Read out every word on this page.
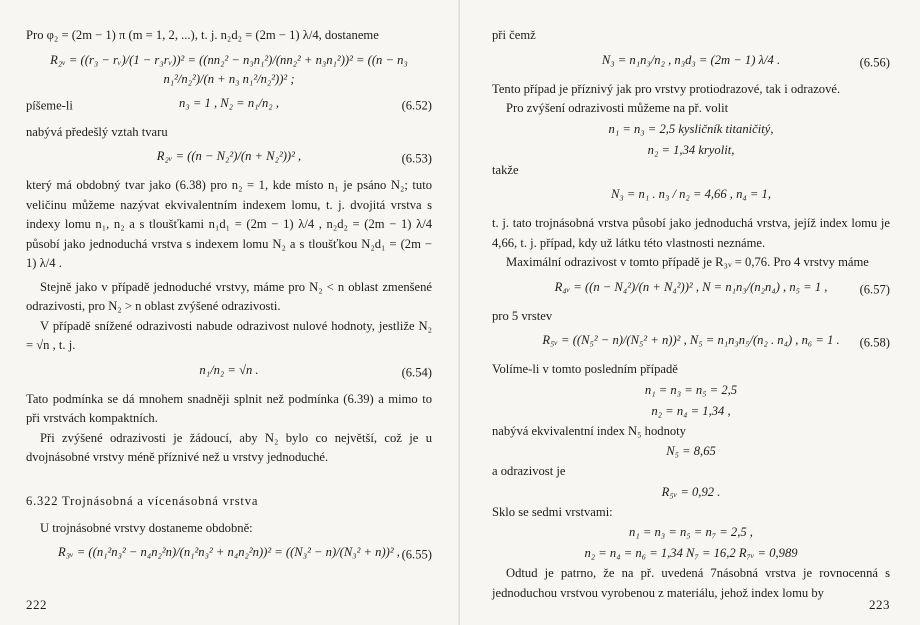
Pro φ₂ = (2m − 1) π (m = 1, 2, ...), t. j. n₂d₂ = (2m − 1) λ/4, dostaneme

R₂ᵥ = ((r₃ − rᵥ)/(1 − r₃rᵥ))² = ((nn₂² − n₃n₁²)/(nn₂² + n₃n₁²))² = ((n − n₃ n₁²/n₂²)/(n + n₃ n₁²/n₂²))² ;
píšeme-li	n₃ = 1 , N₂ = n₁/n₂ ,	(6.52)

nabývá předešlý vztah tvaru

R₂ᵥ = ((n − N₂²)/(n + N₂²))² ,	(6.53)

který má obdobný tvar jako (6.38) pro n₂ = 1, kde místo n₁ je psáno N₂; tuto veličinu můžeme nazývat ekvivalentním indexem lomu, t. j. dvojitá vrstva s indexy lomu n₁, n₂ a s tloušťkami n₁d₁ = (2m − 1) λ/4 , n₂d₂ = (2m − 1) λ/4 působí jako jednoduchá vrstva s indexem lomu N₂ a s tloušťkou N₂d₁ = (2m − 1) λ/4 .

Stejně jako v případě jednoduché vrstvy, máme pro N₂ < n oblast zmenšené odrazivosti, pro N₂ > n oblast zvýšené odrazivosti.

V případě snížené odrazivosti nabude odrazivost nulové hodnoty, jestliže N₂ = √n , t. j.

n₁/n₂ = √n .	(6.54)

Tato podmínka se dá mnohem snadněji splnit než podmínka (6.39) a mimo to při vrstvách kompaktních.

Při zvýšené odrazivosti je žádoucí, aby N₂ bylo co největší, což je u dvojnásobné vrstvy méně příznivé než u vrstvy jednoduché.

6.322 Trojnásobná a vícenásobná vrstva

U trojnásobné vrstvy dostaneme obdobně:

R₃ᵥ = ((n₁²n₃² − n₄n₂²n)/(n₁²n₃² + n₄n₂²n))² = ((N₃² − n)/(N₃² + n))² , (6.55)
222

při čemž

N₃ = n₁n₃/n₂ , n₃d₃ = (2m − 1) λ/4 .	(6.56)

Tento případ je příznivý jak pro vrstvy protiodrazové, tak i odrazové.

Pro zvýšení odrazivosti můžeme na př. volit

n₁ = n₃ = 2,5 kysličník titaničitý,
n₂ = 1,34 kryolit,

takže

N₃ = n₁ . n₃ / n₂ = 4,66 , n₄ = 1,

t. j. tato trojnásobná vrstva působí jako jednoduchá vrstva, jejíž index lomu je 4,66, t. j. případ, kdy už látku této vlastnosti neznáme.

Maximální odrazivost v tomto případě je R₃ᵥ = 0,76. Pro 4 vrstvy máme

R₄ᵥ = ((n − N₄²)/(n + N₄²))² , N = n₁n₃/(n₂n₄) , n₅ = 1 ,	(6.57)

pro 5 vrstev

R₅ᵥ = ((N₅² − n)/(N₅² + n))² , N₅ = n₁n₃n₅/(n₂ . n₄) , n₆ = 1 .	(6.58)

Volíme-li v tomto posledním případě

n₁ = n₃ = n₅ = 2,5
n₂ = n₄ = 1,34 ,

nabývá ekvivalentní index N₅ hodnoty

N₅ = 8,65

a odrazivost je

R₅ᵥ = 0,92 .

Sklo se sedmi vrstvami:

n₁ = n₃ = n₅ = n₇ = 2,5 ,
n₂ = n₄ = n₆ = 1,34 N₇ = 16,2 R₇ᵥ = 0,989

Odtud je patrno, že na př. uvedená 7násobná vrstva je rovnocenná s jednoduchou vrstvou vyrobenou z materiálu, jehož index lomu by

223
